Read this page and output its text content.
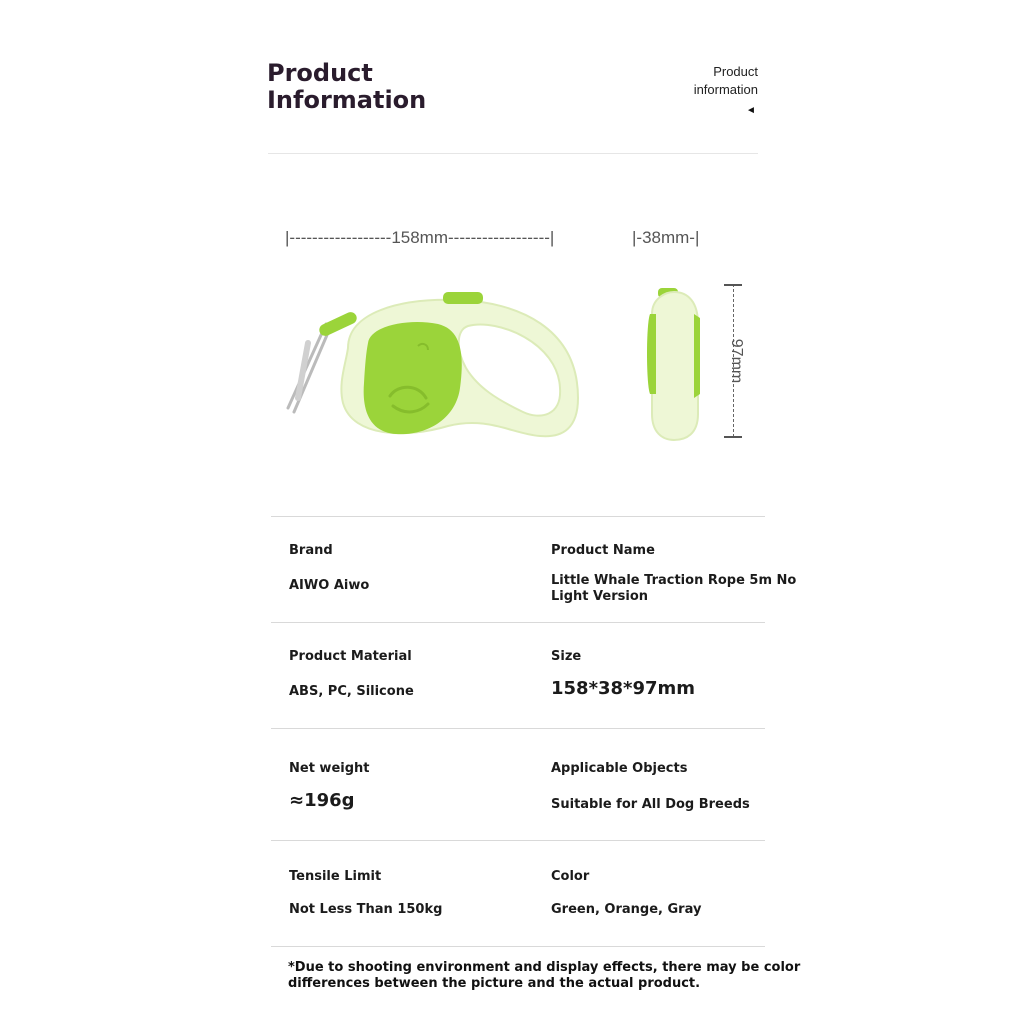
Product Information
Product
information
◄
|------------------158mm------------------|	|-38mm-|
97mm
Brand
AIWO Aiwo
Product Name
Little Whale Traction Rope 5m No Light Version
Product Material
ABS, PC, Silicone
Size
158*38*97mm
Net weight
≈196g
Applicable Objects
Suitable for All Dog Breeds
Tensile Limit
Not Less Than 150kg
Color
Green, Orange, Gray
*Due to shooting environment and display effects, there may be color differences between the picture and the actual product.
